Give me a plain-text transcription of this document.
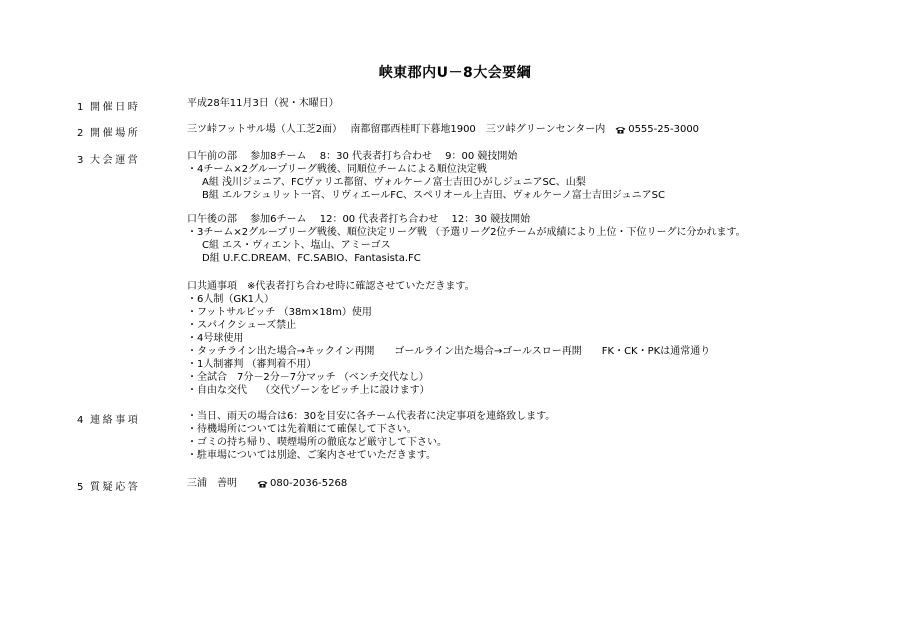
峡東郡内U－8大会要綱
1 開催日時	平成28年11月3日（祝・木曜日）
2 開催場所	三ツ峠フットサル場（人工芝2面）　 南都留郡西桂町下暮地1900　三ツ峠グリーンセンター内 0555-25-3000
3 大会運営	口午前の部　 参加8チーム　 8：30 代表者打ち合わせ　 9：00 競技開始
・4チーム×2グループリーグ戦後、同順位チームによる順位決定戦
A組 浅川ジュニア、FCヴァリエ都留、ヴォルケーノ富士吉田ひがしジュニアSC、山梨
B組 エルフシュリット一宮、リヴィエールFC、スペリオール上吉田、ヴォルケーノ富士吉田ジュニアSC
口午後の部　 参加6チーム　 12：00 代表者打ち合わせ　 12：30 競技開始
・3チーム×2グループリーグ戦後、順位決定リーグ戦 （予選リーグ2位チームが成績により上位・下位リーグに分かれます。
C組 エス・ヴィエント、塩山、アミーゴス
D組 U.F.C.DREAM、FC.SABIO、Fantasista.FC
口共通事項　※代表者打ち合わせ時に確認させていただきます。
・6人制（GK1人）
・フットサルピッチ （38m×18m）使用
・スパイクシューズ禁止
・4号球使用
・タッチライン出た場合→キックイン再開　　ゴールライン出た場合→ゴールスロー再開　　FK・CK・PKは通常通り
・1人制審判 （審判着不用）
・全試合　7分－2分－7分マッチ （ベンチ交代なし）
・自由な交代　 （交代ゾーンをピッチ上に設けます）
4 連絡事項	・当日、雨天の場合は6：30を目安に各チーム代表者に決定事項を連絡致します。
・待機場所については先着順にて確保して下さい。
・ゴミの持ち帰り、喫煙場所の徹底など厳守して下さい。
・駐車場については別途、ご案内させていただきます。
5 質疑応答	三浦　善明	080-2036-5268
